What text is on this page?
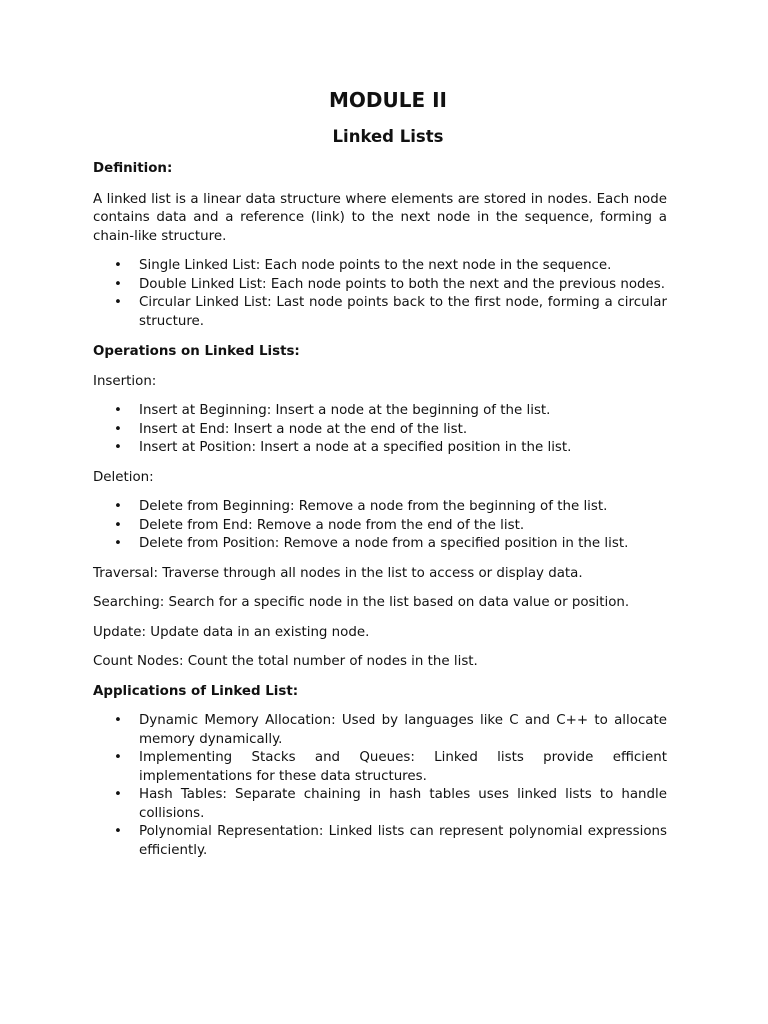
MODULE II
Linked Lists

Definition:

A linked list is a linear data structure where elements are stored in nodes. Each node contains data and a reference (link) to the next node in the sequence, forming a chain-like structure.

• Single Linked List: Each node points to the next node in the sequence.
• Double Linked List: Each node points to both the next and the previous nodes.
• Circular Linked List: Last node points back to the first node, forming a circular structure.

Operations on Linked Lists:

Insertion:

• Insert at Beginning: Insert a node at the beginning of the list.
• Insert at End: Insert a node at the end of the list.
• Insert at Position: Insert a node at a specified position in the list.

Deletion:

• Delete from Beginning: Remove a node from the beginning of the list.
• Delete from End: Remove a node from the end of the list.
• Delete from Position: Remove a node from a specified position in the list.

Traversal: Traverse through all nodes in the list to access or display data.

Searching: Search for a specific node in the list based on data value or position.

Update: Update data in an existing node.

Count Nodes: Count the total number of nodes in the list.

Applications of Linked List:

• Dynamic Memory Allocation: Used by languages like C and C++ to allocate memory dynamically.
• Implementing Stacks and Queues: Linked lists provide efficient implementations for these data structures.
• Hash Tables: Separate chaining in hash tables uses linked lists to handle collisions.
• Polynomial Representation: Linked lists can represent polynomial expressions efficiently.
